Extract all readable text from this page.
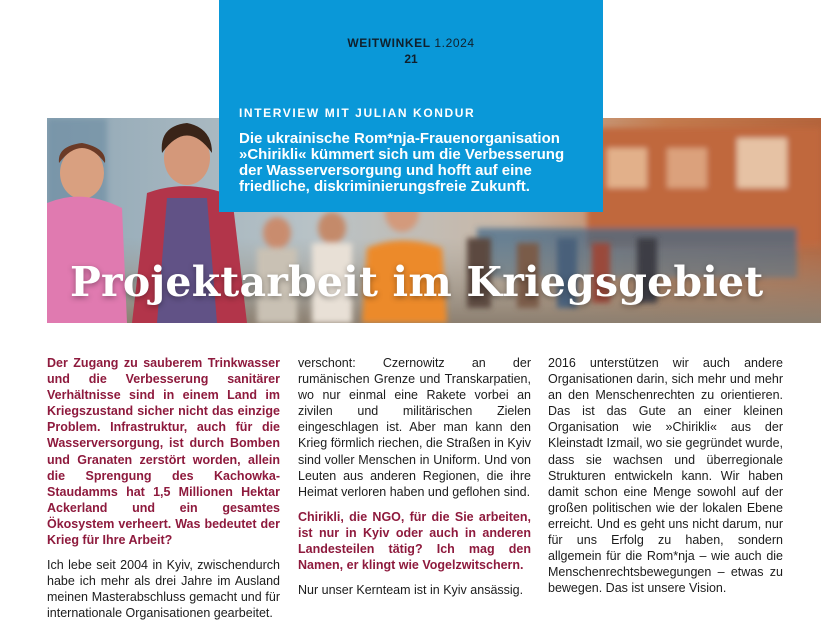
WEITWINKEL 1.2024
21
INTERVIEW MIT JULIAN KONDUR
Die ukrainische Rom*nja-Frauenorganisation »Chirikli« kümmert sich um die Verbesserung der Wasserversorgung und hofft auf eine friedliche, diskriminierungsfreie Zukunft.
Projektarbeit im Kriegsgebiet

Der Zugang zu sauberem Trinkwasser und die Verbesserung sanitärer Verhältnisse sind in einem Land im Kriegszustand sicher nicht das einzige Problem. Infrastruktur, auch für die Wasserversorgung, ist durch Bomben und Granaten zerstört worden, allein die Sprengung des Kachowka-Staudamms hat 1,5 Millionen Hektar Ackerland und ein gesamtes Ökosystem verheert. Was bedeutet der Krieg für Ihre Arbeit?

Ich lebe seit 2004 in Kyiv, zwischendurch habe ich mehr als drei Jahre im Ausland meinen Masterabschluss gemacht und für internationale Organisationen gearbeitet.

verschont: Czernowitz an der rumänischen Grenze und Transkarpatien, wo nur einmal eine Rakete vorbei an zivilen und militärischen Zielen eingeschlagen ist. Aber man kann den Krieg förmlich riechen, die Straßen in Kyiv sind voller Menschen in Uniform. Und von Leuten aus anderen Regionen, die ihre Heimat verloren haben und geflohen sind.

Chirikli, die NGO, für die Sie arbeiten, ist nur in Kyiv oder auch in anderen Landesteilen tätig? Ich mag den Namen, er klingt wie Vogelzwitschern.

Nur unser Kernteam ist in Kyiv ansässig.

2016 unterstützen wir auch andere Organisationen darin, sich mehr und mehr an den Menschenrechten zu orientieren. Das ist das Gute an einer kleinen Organisation wie »Chirikli« aus der Kleinstadt Izmail, wo sie gegründet wurde, dass sie wachsen und überregionale Strukturen entwickeln kann. Wir haben damit schon eine Menge sowohl auf der großen politischen wie der lokalen Ebene erreicht. Und es geht uns nicht darum, nur für uns Erfolg zu haben, sondern allgemein für die Rom*nja – wie auch die Menschenrechtsbewegungen – etwas zu bewegen. Das ist unsere Vision.
